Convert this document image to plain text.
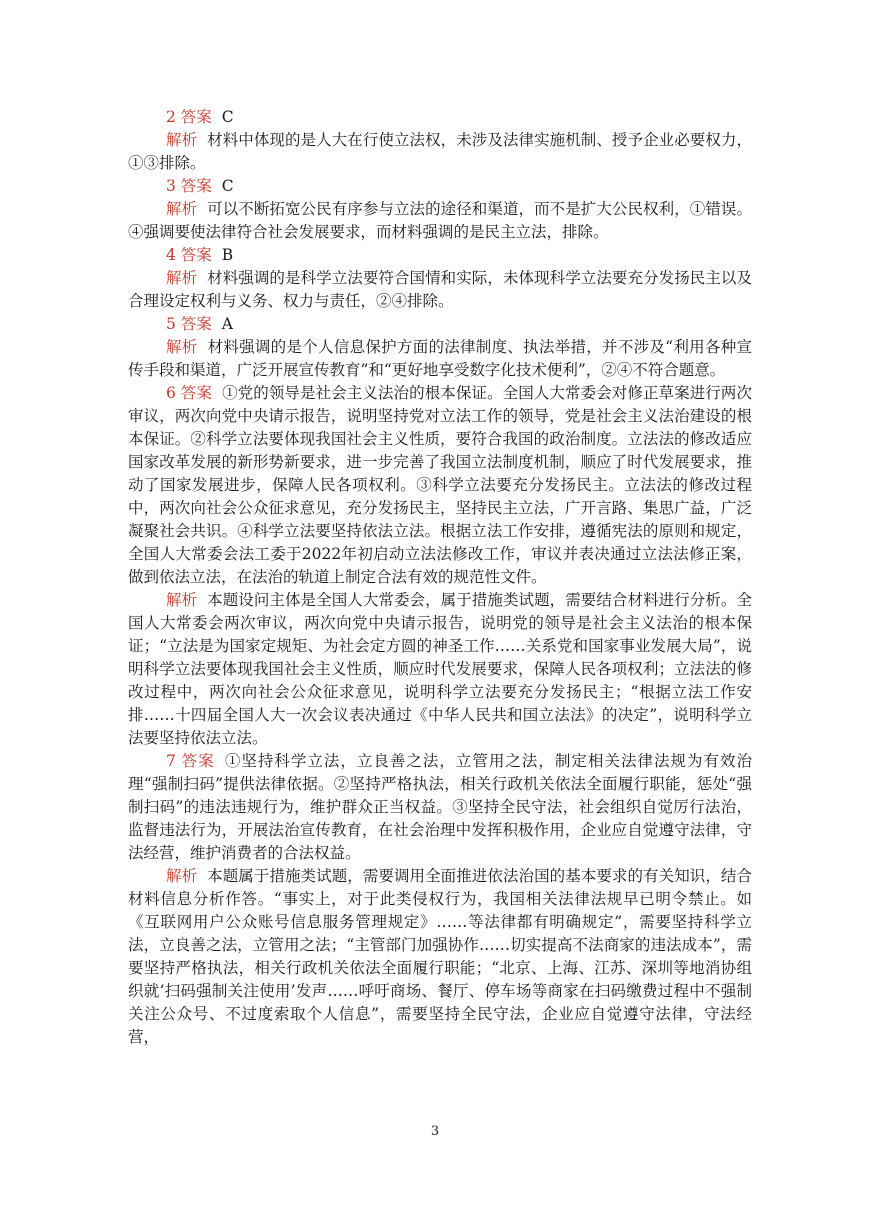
2 答案 C

解析 材料中体现的是人大在行使立法权，未涉及法律实施机制、授予企业必要权力，①③排除。

3 答案 C

解析 可以不断拓宽公民有序参与立法的途径和渠道，而不是扩大公民权利，①错误。④强调要使法律符合社会发展要求，而材料强调的是民主立法，排除。

4 答案 B

解析 材料强调的是科学立法要符合国情和实际，未体现科学立法要充分发扬民主以及合理设定权利与义务、权力与责任，②④排除。

5 答案 A

解析 材料强调的是个人信息保护方面的法律制度、执法举措，并不涉及“利用各种宣传手段和渠道，广泛开展宣传教育”和“更好地享受数字化技术便利”，②④不符合题意。

6 答案 ①党的领导是社会主义法治的根本保证。全国人大常委会对修正草案进行两次审议，两次向党中央请示报告，说明坚持党对立法工作的领导，党是社会主义法治建设的根本保证。②科学立法要体现我国社会主义性质，要符合我国的政治制度。立法法的修改适应国家改革发展的新形势新要求，进一步完善了我国立法制度机制，顺应了时代发展要求，推动了国家发展进步，保障人民各项权利。③科学立法要充分发扬民主。立法法的修改过程中，两次向社会公众征求意见，充分发扬民主，坚持民主立法，广开言路、集思广益，广泛凝聚社会共识。④科学立法要坚持依法立法。根据立法工作安排，遵循宪法的原则和规定，全国人大常委会法工委于2022年初启动立法法修改工作，审议并表决通过立法法修正案，做到依法立法，在法治的轨道上制定合法有效的规范性文件。

解析 本题设问主体是全国人大常委会，属于措施类试题，需要结合材料进行分析。全国人大常委会两次审议，两次向党中央请示报告，说明党的领导是社会主义法治的根本保证；“立法是为国家定规矩、为社会定方圆的神圣工作……关系党和国家事业发展大局”，说明科学立法要体现我国社会主义性质，顺应时代发展要求，保障人民各项权利；立法法的修改过程中，两次向社会公众征求意见，说明科学立法要充分发扬民主；“根据立法工作安排……十四届全国人大一次会议表决通过《中华人民共和国立法法》的决定”，说明科学立法要坚持依法立法。

7 答案 ①坚持科学立法，立良善之法，立管用之法，制定相关法律法规为有效治理“强制扫码”提供法律依据。②坚持严格执法，相关行政机关依法全面履行职能，惩处“强制扫码”的违法违规行为，维护群众正当权益。③坚持全民守法，社会组织自觉厉行法治，监督违法行为，开展法治宣传教育，在社会治理中发挥积极作用，企业应自觉遵守法律，守法经营，维护消费者的合法权益。

解析 本题属于措施类试题，需要调用全面推进依法治国的基本要求的有关知识，结合材料信息分析作答。“事实上，对于此类侵权行为，我国相关法律法规早已明令禁止。如《互联网用户公众账号信息服务管理规定》……等法律都有明确规定”，需要坚持科学立法，立良善之法，立管用之法；“主管部门加强协作……切实提高不法商家的违法成本”，需要坚持严格执法，相关行政机关依法全面履行职能；“北京、上海、江苏、深圳等地消协组织就‘扫码强制关注使用’发声……呼吁商场、餐厅、停车场等商家在扫码缴费过程中不强制关注公众号、不过度索取个人信息”，需要坚持全民守法，企业应自觉遵守法律，守法经营，

3
